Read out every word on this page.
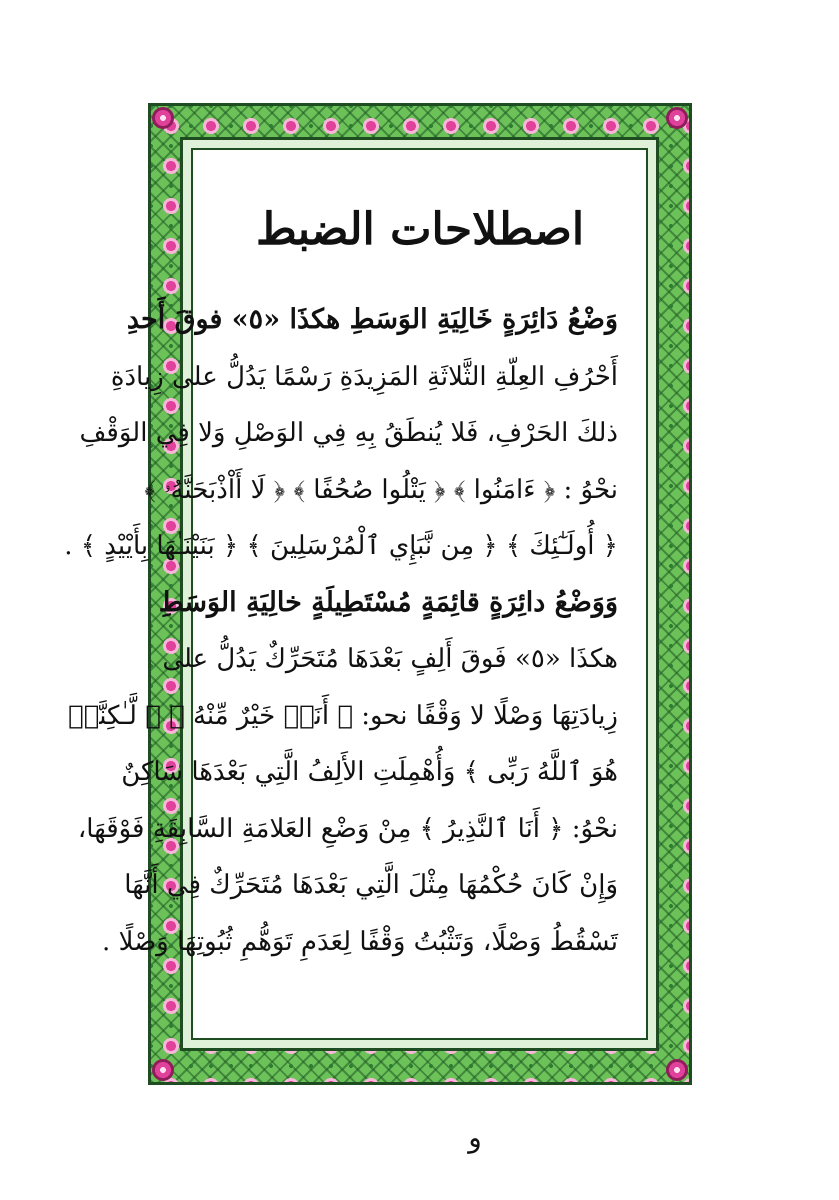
اصطلاحات الضبط
وَضْعُ دَائِرَةٍ خَالِيَةِ الوَسَطِ هكذَا «٥» فوقَ أَحدِ
أَحْرُفِ العِلّةِ الثَّلاثَةِ المَزِيدَةِ رَسْمًا يَدُلُّ على زِيادَةِ
ذلكَ الحَرْفِ، فَلا يُنطَقُ بِهِ فِي الوَصْلِ وَلا فِي الوَقْفِ
نحْوُ : ﴿ ءَامَنُوا ﴾ ﴿ يَتْلُوا صُحُفًا ﴾ ﴿ لَا أَاْذْبَحَنَّهُۥ ﴾
﴿ أُولَـٰٓئِكَ ﴾ ﴿ مِن نَّبَإِي ٱلْمُرْسَلِينَ ﴾ ﴿ بَنَيْنَـٰهَا بِأَيْيْدٍ ﴾ .
وَوَضْعُ دائِرَةٍ قائِمَةٍ مُسْتَطِيلَةٍ خالِيَةِ الوَسَطِ
هكذَا «٥» فَوقَ أَلِفٍ بَعْدَهَا مُتَحَرِّكٌ يَدُلُّ على
زِيادَتِهَا وَصْلًا لا وَقْفًا نحو: ﴿ أَنَا۠ خَيْرٌ مِّنْهُ ﴾ ﴿ لَّـٰكِنَّا۠
هُوَ ٱللَّهُ رَبِّى ﴾ وَأُهْمِلَتِ الأَلِفُ الَّتِي بَعْدَهَا سَاكِنٌ
نحْوُ: ﴿ أَنَا ٱلنَّذِيرُ ﴾ مِنْ وَضْعِ العَلامَةِ السَّابِقَةِ فَوْقَهَا،
وَإِنْ كَانَ حُكْمُهَا مِثْلَ الَّتِي بَعْدَهَا مُتَحَرِّكٌ فِي أَنَّهَا
تَسْقُطُ وَصْلًا، وَتَثْبُتُ وَقْفًا لِعَدَمِ تَوَهُّمِ ثُبُوتِهَا وَصْلًا .
و
